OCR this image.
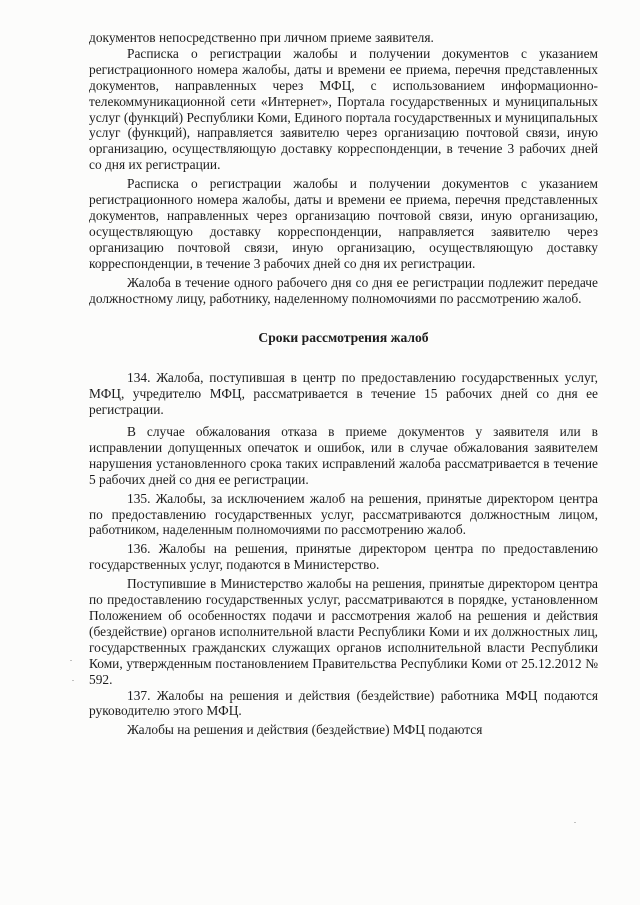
документов непосредственно при личном приеме заявителя.

Расписка о регистрации жалобы и получении документов с указанием регистрационного номера жалобы, даты и времени ее приема, перечня представленных документов, направленных через МФЦ, с использованием информационно-телекоммуникационной сети «Интернет», Портала государственных и муниципальных услуг (функций) Республики Коми, Единого портала государственных и муниципальных услуг (функций), направляется заявителю через организацию почтовой связи, иную организацию, осуществляющую доставку корреспонденции, в течение 3 рабочих дней со дня их регистрации.

Расписка о регистрации жалобы и получении документов с указанием регистрационного номера жалобы, даты и времени ее приема, перечня представленных документов, направленных через организацию почтовой связи, иную организацию, осуществляющую доставку корреспонденции, направляется заявителю через организацию почтовой связи, иную организацию, осуществляющую доставку корреспонденции, в течение 3 рабочих дней со дня их регистрации.

Жалоба в течение одного рабочего дня со дня ее регистрации подлежит передаче должностному лицу, работнику, наделенному полномочиями по рассмотрению жалоб.

Сроки рассмотрения жалоб

134. Жалоба, поступившая в центр по предоставлению государственных услуг, МФЦ, учредителю МФЦ, рассматривается в течение 15 рабочих дней со дня ее регистрации.

В случае обжалования отказа в приеме документов у заявителя или в исправлении допущенных опечаток и ошибок, или в случае обжалования заявителем нарушения установленного срока таких исправлений жалоба рассматривается в течение 5 рабочих дней со дня ее регистрации.

135. Жалобы, за исключением жалоб на решения, принятые директором центра по предоставлению государственных услуг, рассматриваются должностным лицом, работником, наделенным полномочиями по рассмотрению жалоб.

136. Жалобы на решения, принятые директором центра по предоставлению государственных услуг, подаются в Министерство.

Поступившие в Министерство жалобы на решения, принятые директором центра по предоставлению государственных услуг, рассматриваются в порядке, установленном Положением об особенностях подачи и рассмотрения жалоб на решения и действия (бездействие) органов исполнительной власти Республики Коми и их должностных лиц, государственных гражданских служащих органов исполнительной власти Республики Коми, утвержденным постановлением Правительства Республики Коми от 25.12.2012 № 592.

137. Жалобы на решения и действия (бездействие) работника МФЦ подаются руководителю этого МФЦ.

Жалобы на решения и действия (бездействие) МФЦ подаются
